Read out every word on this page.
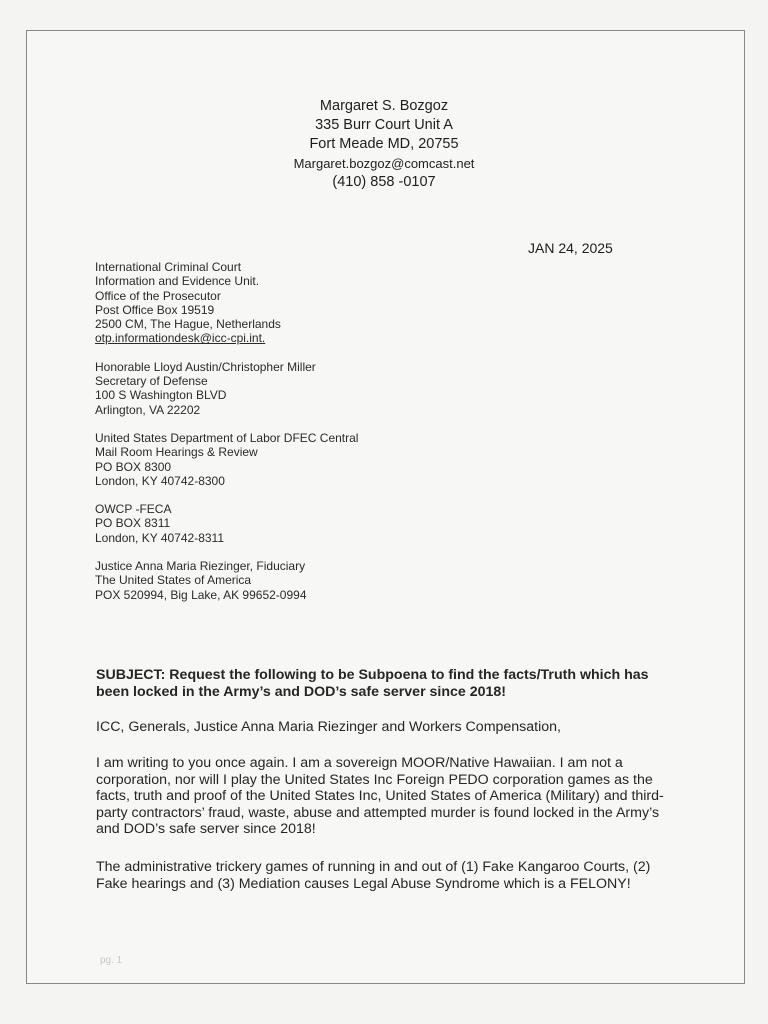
Margaret S. Bozgoz
335 Burr Court Unit A
Fort Meade MD, 20755
Margaret.bozgoz@comcast.net
(410) 858 -0107
JAN 24, 2025
International Criminal Court
Information and Evidence Unit.
Office of the Prosecutor
Post Office Box 19519
2500 CM, The Hague, Netherlands
otp.informationdesk@icc-cpi.int.
Honorable Lloyd Austin/Christopher Miller
Secretary of Defense
100 S Washington BLVD
Arlington, VA 22202
United States Department of Labor DFEC Central
Mail Room Hearings & Review
PO BOX 8300
London, KY 40742-8300
OWCP -FECA
PO BOX 8311
London, KY 40742-8311
Justice Anna Maria Riezinger, Fiduciary
The United States of America
POX 520994, Big Lake, AK 99652-0994
SUBJECT: Request the following to be Subpoena to find the facts/Truth which has been locked in the Army’s and DOD’s safe server since 2018!
ICC, Generals, Justice Anna Maria Riezinger and Workers Compensation,
I am writing to you once again. I am a sovereign MOOR/Native Hawaiian. I am not a corporation, nor will I play the United States Inc Foreign PEDO corporation games as the facts, truth and proof of the United States Inc, United States of America (Military) and third-party contractors’ fraud, waste, abuse and attempted murder is found locked in the Army’s and DOD’s safe server since 2018!
The administrative trickery games of running in and out of (1) Fake Kangaroo Courts, (2) Fake hearings and (3) Mediation causes Legal Abuse Syndrome which is a FELONY!
pg. 1
